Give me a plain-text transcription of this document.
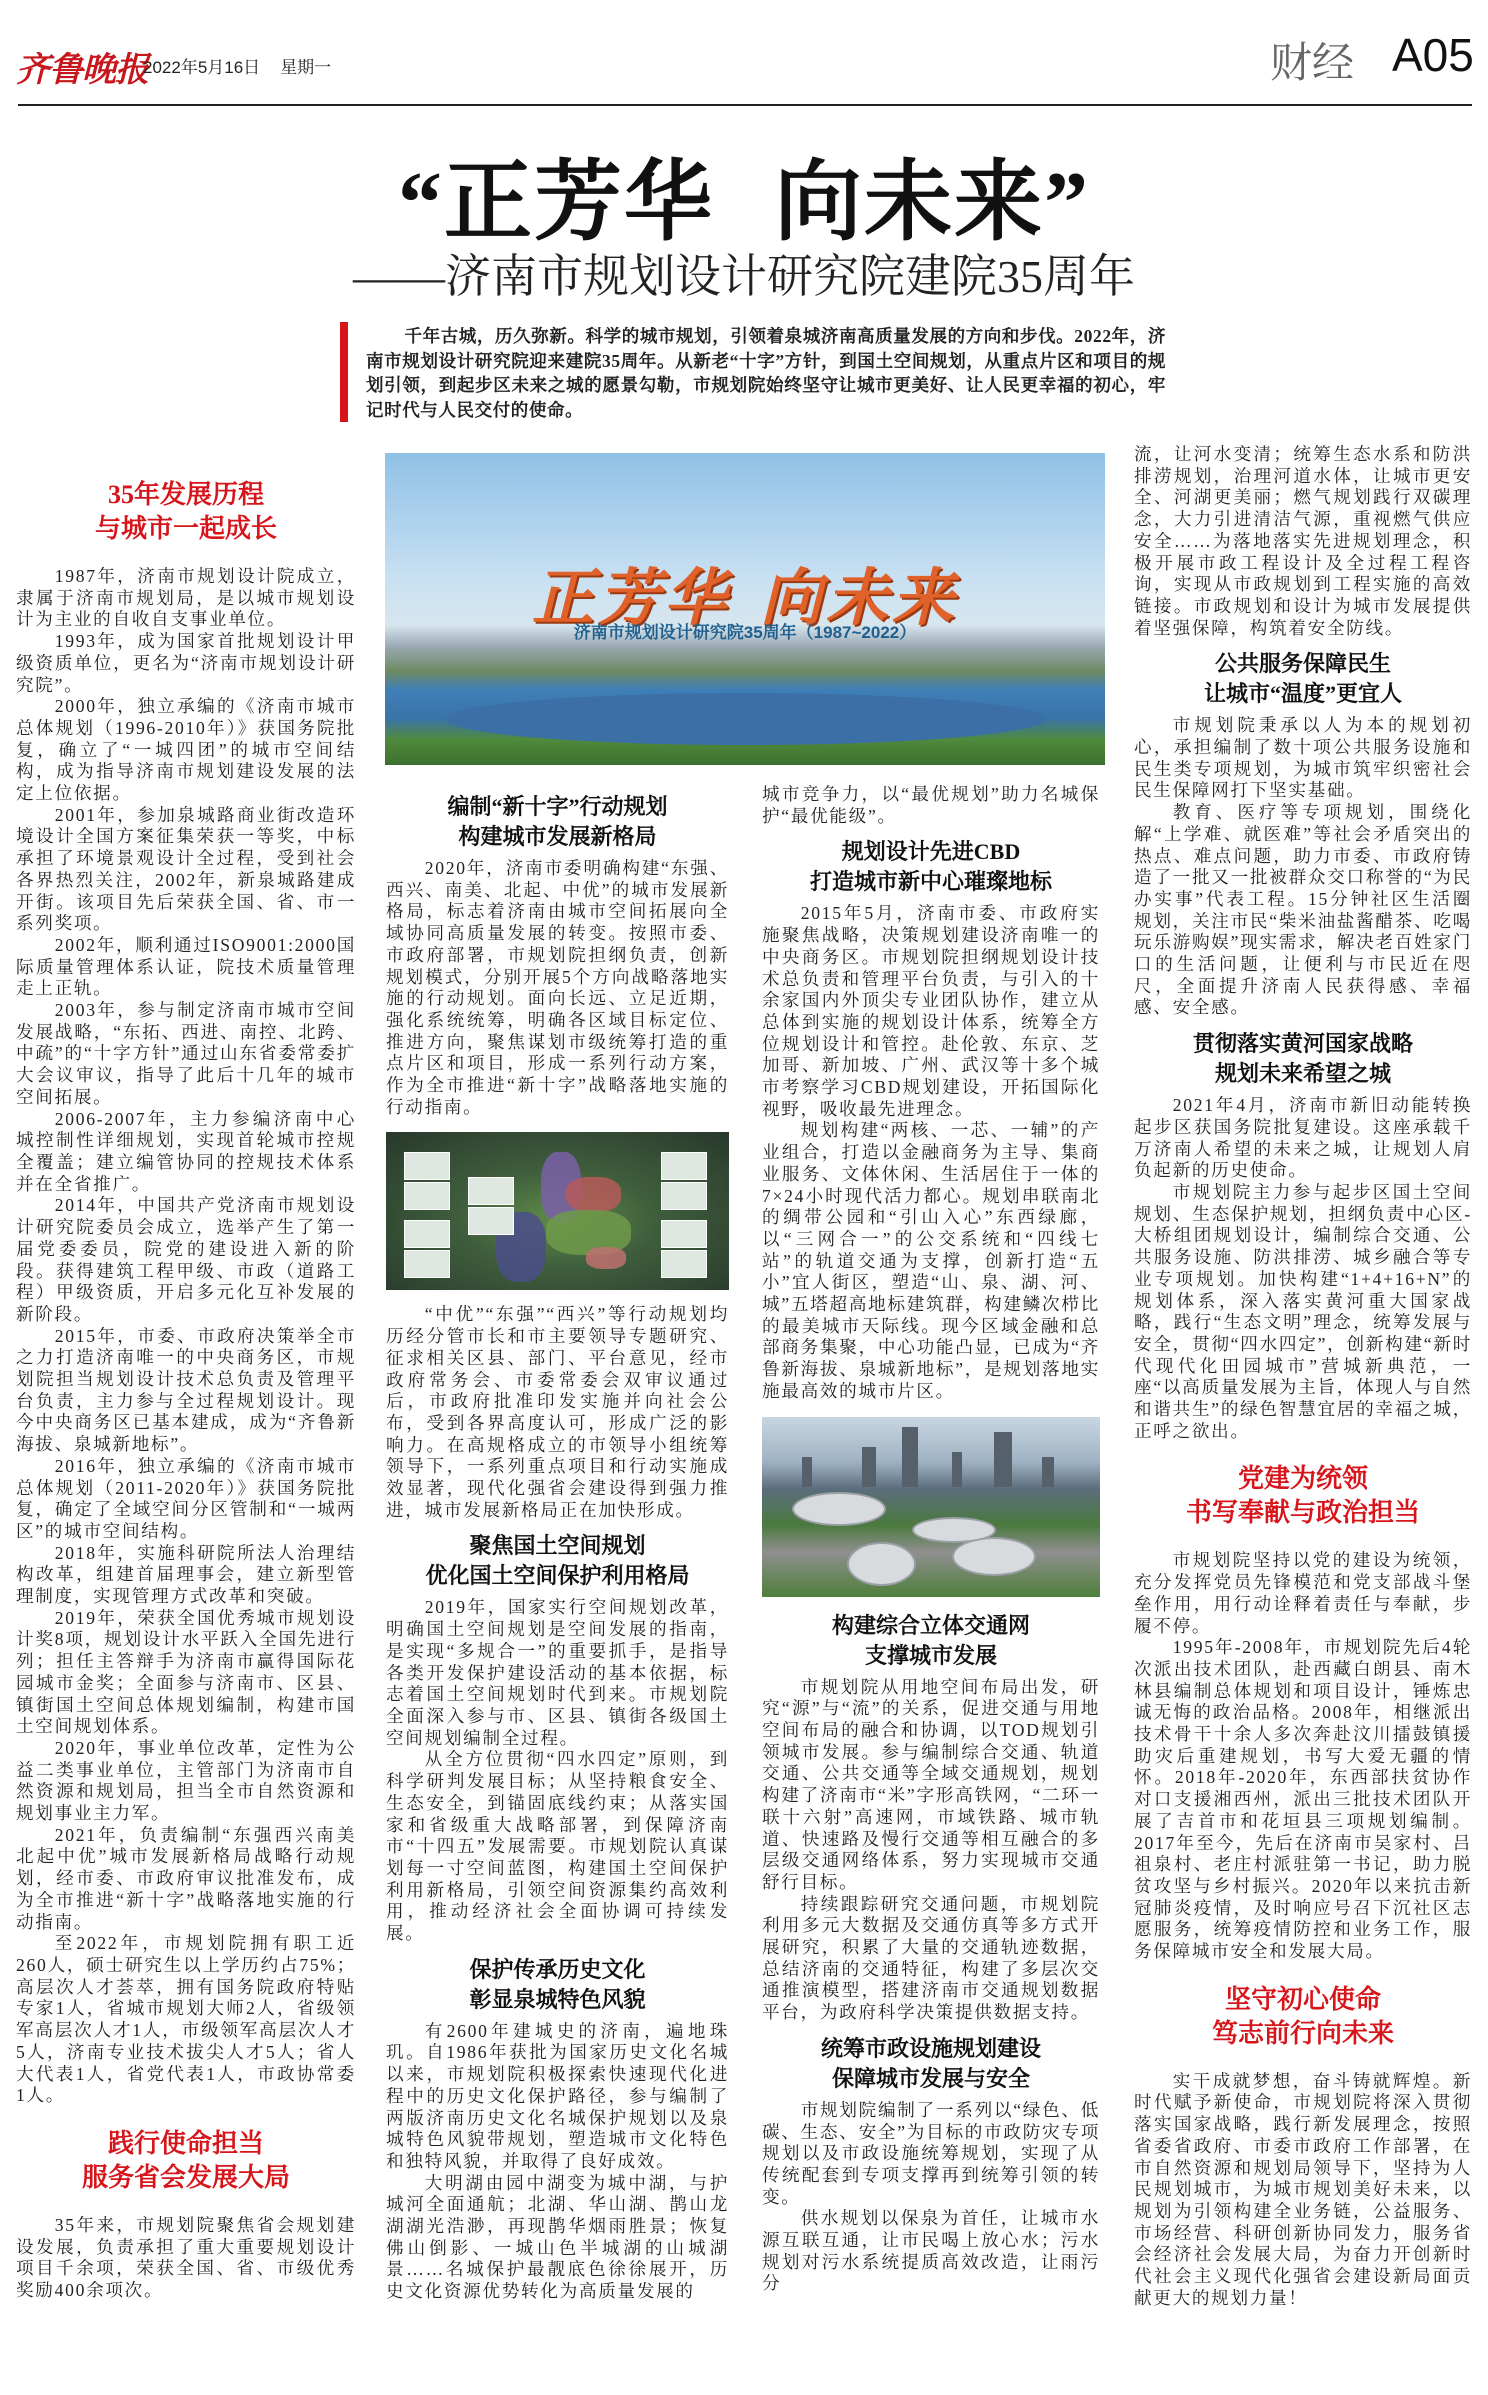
齐鲁晚报
2022年5月16日 星期一	财经 A05
“正芳华 向未来”
——济南市规划设计研究院建院35周年
千年古城，历久弥新。科学的城市规划，引领着泉城济南高质量发展的方向和步伐。2022年，济南市规划设计研究院迎来建院35周年。从新老“十字”方针，到国土空间规划，从重点片区和项目的规划引领，到起步区未来之城的愿景勾勒，市规划院始终坚守让城市更美好、让人民更幸福的初心，牢记时代与人民交付的使命。
正芳华 向未来
济南市规划设计研究院35周年（1987~2022）
35年发展历程
与城市一起成长

1987年，济南市规划设计院成立，隶属于济南市规划局，是以城市规划设计为主业的自收自支事业单位。

1993年，成为国家首批规划设计甲级资质单位，更名为“济南市规划设计研究院”。

2000年，独立承编的《济南市城市总体规划（1996-2010年）》获国务院批复，确立了“一城四团”的城市空间结构，成为指导济南市规划建设发展的法定上位依据。

2001年，参加泉城路商业街改造环境设计全国方案征集荣获一等奖，中标承担了环境景观设计全过程，受到社会各界热烈关注，2002年，新泉城路建成开街。该项目先后荣获全国、省、市一系列奖项。

2002年，顺利通过ISO9001:2000国际质量管理体系认证，院技术质量管理走上正轨。

2003年，参与制定济南市城市空间发展战略，“东拓、西进、南控、北跨、中疏”的“十字方针”通过山东省委常委扩大会议审议，指导了此后十几年的城市空间拓展。

2006-2007年，主力参编济南中心城控制性详细规划，实现首轮城市控规全覆盖；建立编管协同的控规技术体系并在全省推广。

2014年，中国共产党济南市规划设计研究院委员会成立，选举产生了第一届党委委员，院党的建设进入新的阶段。获得建筑工程甲级、市政（道路工程）甲级资质，开启多元化互补发展的新阶段。

2015年，市委、市政府决策举全市之力打造济南唯一的中央商务区，市规划院担当规划设计技术总负责及管理平台负责，主力参与全过程规划设计。现今中央商务区已基本建成，成为“齐鲁新海拔、泉城新地标”。

2016年，独立承编的《济南市城市总体规划（2011-2020年）》获国务院批复，确定了全域空间分区管制和“一城两区”的城市空间结构。

2018年，实施科研院所法人治理结构改革，组建首届理事会，建立新型管理制度，实现管理方式改革和突破。

2019年，荣获全国优秀城市规划设计奖8项，规划设计水平跃入全国先进行列；担任主答辩手为济南市赢得国际花园城市金奖；全面参与济南市、区县、镇街国土空间总体规划编制，构建市国土空间规划体系。

2020年，事业单位改革，定性为公益二类事业单位，主管部门为济南市自然资源和规划局，担当全市自然资源和规划事业主力军。

2021年，负责编制“东强西兴南美北起中优”城市发展新格局战略行动规划，经市委、市政府审议批准发布，成为全市推进“新十字”战略落地实施的行动指南。

至2022年，市规划院拥有职工近260人，硕士研究生以上学历约占75%；高层次人才荟萃，拥有国务院政府特贴专家1人，省城市规划大师2人，省级领军高层次人才1人，市级领军高层次人才5人，济南专业技术拔尖人才5人；省人大代表1人，省党代表1人，市政协常委1人。

践行使命担当
服务省会发展大局

35年来，市规划院聚焦省会规划建设发展，负责承担了重大重要规划设计项目千余项，荣获全国、省、市级优秀奖励400余项次。

编制“新十字”行动规划
构建城市发展新格局

2020年，济南市委明确构建“东强、西兴、南美、北起、中优”的城市发展新格局，标志着济南由城市空间拓展向全域协同高质量发展的转变。按照市委、市政府部署，市规划院担纲负责，创新规划模式，分别开展5个方向战略落地实施的行动规划。面向长远、立足近期，强化系统统筹，明确各区域目标定位、推进方向，聚焦谋划市级统筹打造的重点片区和项目，形成一系列行动方案，作为全市推进“新十字”战略落地实施的行动指南。

“中优”“东强”“西兴”等行动规划均历经分管市长和市主要领导专题研究、征求相关区县、部门、平台意见，经市政府常务会、市委常委会双审议通过后，市政府批准印发实施并向社会公布，受到各界高度认可，形成广泛的影响力。在高规格成立的市领导小组统筹领导下，一系列重点项目和行动实施成效显著，现代化强省会建设得到强力推进，城市发展新格局正在加快形成。

聚焦国土空间规划
优化国土空间保护利用格局

2019年，国家实行空间规划改革，明确国土空间规划是空间发展的指南，是实现“多规合一”的重要抓手，是指导各类开发保护建设活动的基本依据，标志着国土空间规划时代到来。市规划院全面深入参与市、区县、镇街各级国土空间规划编制全过程。

从全方位贯彻“四水四定”原则，到科学研判发展目标；从坚持粮食安全、生态安全，到锚固底线约束；从落实国家和省级重大战略部署，到保障济南市“十四五”发展需要。市规划院认真谋划每一寸空间蓝图，构建国土空间保护利用新格局，引领空间资源集约高效利用，推动经济社会全面协调可持续发展。

保护传承历史文化
彰显泉城特色风貌

有2600年建城史的济南，遍地珠玑。自1986年获批为国家历史文化名城以来，市规划院积极探索快速现代化进程中的历史文化保护路径，参与编制了两版济南历史文化名城保护规划以及泉城特色风貌带规划，塑造城市文化特色和独特风貌，并取得了良好成效。

大明湖由园中湖变为城中湖，与护城河全面通航；北湖、华山湖、鹊山龙湖湖光浩渺，再现鹊华烟雨胜景；恢复佛山倒影、一城山色半城湖的山城湖景……名城保护最靓底色徐徐展开，历史文化资源优势转化为高质量发展的

城市竞争力，以“最优规划”助力名城保护“最优能级”。

规划设计先进CBD
打造城市新中心璀璨地标

2015年5月，济南市委、市政府实施聚焦战略，决策规划建设济南唯一的中央商务区。市规划院担纲规划设计技术总负责和管理平台负责，与引入的十余家国内外顶尖专业团队协作，建立从总体到实施的规划设计体系，统筹全方位规划设计和管控。赴伦敦、东京、芝加哥、新加坡、广州、武汉等十多个城市考察学习CBD规划建设，开拓国际化视野，吸收最先进理念。

规划构建“两核、一芯、一辅”的产业组合，打造以金融商务为主导、集商业服务、文体休闲、生活居住于一体的7×24小时现代活力都心。规划串联南北的绸带公园和“引山入心”东西绿廊，以“三网合一”的公交系统和“四线七站”的轨道交通为支撑，创新打造“五小”宜人街区，塑造“山、泉、湖、河、城”五塔超高地标建筑群，构建鳞次栉比的最美城市天际线。现今区域金融和总部商务集聚，中心功能凸显，已成为“齐鲁新海拔、泉城新地标”，是规划落地实施最高效的城市片区。

构建综合立体交通网
支撑城市发展

市规划院从用地空间布局出发，研究“源”与“流”的关系，促进交通与用地空间布局的融合和协调，以TOD规划引领城市发展。参与编制综合交通、轨道交通、公共交通等全域交通规划，规划构建了济南市“米”字形高铁网，“二环一联十六射”高速网，市域铁路、城市轨道、快速路及慢行交通等相互融合的多层级交通网络体系，努力实现城市交通舒行目标。

持续跟踪研究交通问题，市规划院利用多元大数据及交通仿真等多方式开展研究，积累了大量的交通轨迹数据，总结济南的交通特征，构建了多层次交通推演模型，搭建济南市交通规划数据平台，为政府科学决策提供数据支持。

统筹市政设施规划建设
保障城市发展与安全

市规划院编制了一系列以“绿色、低碳、生态、安全”为目标的市政防灾专项规划以及市政设施统筹规划，实现了从传统配套到专项支撑再到统筹引领的转变。

供水规划以保泉为首任，让城市水源互联互通，让市民喝上放心水；污水规划对污水系统提质高效改造，让雨污分

流，让河水变清；统筹生态水系和防洪排涝规划，治理河道水体，让城市更安全、河湖更美丽；燃气规划践行双碳理念，大力引进清洁气源，重视燃气供应安全……为落地落实先进规划理念，积极开展市政工程设计及全过程工程咨询，实现从市政规划到工程实施的高效链接。市政规划和设计为城市发展提供着坚强保障，构筑着安全防线。

公共服务保障民生
让城市“温度”更宜人

市规划院秉承以人为本的规划初心，承担编制了数十项公共服务设施和民生类专项规划，为城市筑牢织密社会民生保障网打下坚实基础。

教育、医疗等专项规划，围绕化解“上学难、就医难”等社会矛盾突出的热点、难点问题，助力市委、市政府铸造了一批又一批被群众交口称誉的“为民办实事”代表工程。15分钟社区生活圈规划，关注市民“柴米油盐酱醋茶、吃喝玩乐游购娱”现实需求，解决老百姓家门口的生活问题，让便利与市民近在咫尺，全面提升济南人民获得感、幸福感、安全感。

贯彻落实黄河国家战略
规划未来希望之城

2021年4月，济南市新旧动能转换起步区获国务院批复建设。这座承载千万济南人希望的未来之城，让规划人肩负起新的历史使命。

市规划院主力参与起步区国土空间规划、生态保护规划，担纲负责中心区-大桥组团规划设计，编制综合交通、公共服务设施、防洪排涝、城乡融合等专业专项规划。加快构建“1+4+16+N”的规划体系，深入落实黄河重大国家战略，践行“生态文明”理念，统筹发展与安全，贯彻“四水四定”，创新构建“新时代现代化田园城市”营城新典范，一座“以高质量发展为主旨，体现人与自然和谐共生”的绿色智慧宜居的幸福之城，正呼之欲出。

党建为统领
书写奉献与政治担当

市规划院坚持以党的建设为统领，充分发挥党员先锋模范和党支部战斗堡垒作用，用行动诠释着责任与奉献，步履不停。

1995年-2008年，市规划院先后4轮次派出技术团队，赴西藏白朗县、南木林县编制总体规划和项目设计，锤炼忠诚无悔的政治品格。2008年，相继派出技术骨干十余人多次奔赴汶川擂鼓镇援助灾后重建规划，书写大爱无疆的情怀。2018年-2020年，东西部扶贫协作对口支援湘西州，派出三批技术团队开展了吉首市和花垣县三项规划编制。2017年至今，先后在济南市吴家村、吕祖泉村、老庄村派驻第一书记，助力脱贫攻坚与乡村振兴。2020年以来抗击新冠肺炎疫情，及时响应号召下沉社区志愿服务，统筹疫情防控和业务工作，服务保障城市安全和发展大局。

坚守初心使命
笃志前行向未来

实干成就梦想，奋斗铸就辉煌。新时代赋予新使命，市规划院将深入贯彻落实国家战略，践行新发展理念，按照省委省政府、市委市政府工作部署，在市自然资源和规划局领导下，坚持为人民规划城市，为城市规划美好未来，以规划为引领构建全业务链，公益服务、市场经营、科研创新协同发力，服务省会经济社会发展大局，为奋力开创新时代社会主义现代化强省会建设新局面贡献更大的规划力量！
